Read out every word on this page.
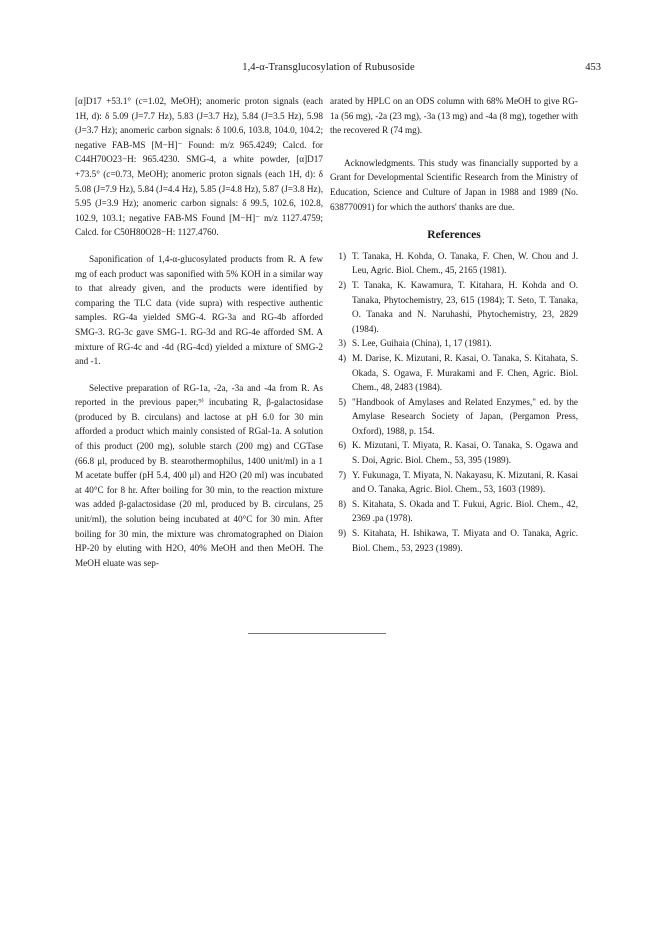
1,4-α-Transglucosylation of Rubusoside	453

[α]D17 +53.1° (c=1.02, MeOH); anomeric proton signals (each 1H, d): δ 5.09 (J=7.7 Hz), 5.83 (J=3.7 Hz), 5.84 (J=3.5 Hz), 5.98 (J=3.7 Hz); anomeric carbon signals: δ 100.6, 103.8, 104.0, 104.2; negative FAB-MS [M−H]⁻ Found: m/z 965.4249; Calcd. for C44H70O23−H: 965.4230. SMG-4, a white powder, [α]D17 +73.5° (c=0.73, MeOH); anomeric proton signals (each 1H, d): δ 5.08 (J=7.9 Hz), 5.84 (J=4.4 Hz), 5.85 (J=4.8 Hz), 5.87 (J=3.8 Hz), 5.95 (J=3.9 Hz); anomeric carbon signals: δ 99.5, 102.6, 102.8, 102.9, 103.1; negative FAB-MS Found [M−H]⁻ m/z 1127.4759; Calcd. for C50H80O28−H: 1127.4760.

Saponification of 1,4-α-glucosylated products from R. A few mg of each product was saponified with 5% KOH in a similar way to that already given, and the products were identified by comparing the TLC data (vide supra) with respective authentic samples. RG-4a yielded SMG-4. RG-3a and RG-4b afforded SMG-3. RG-3c gave SMG-1. RG-3d and RG-4e afforded SM. A mixture of RG-4c and -4d (RG-4cd) yielded a mixture of SMG-2 and -1.

Selective preparation of RG-1a, -2a, -3a and -4a from R. As reported in the previous paper,⁹⁾ incubating R, β-galactosidase (produced by B. circulans) and lactose at pH 6.0 for 30 min afforded a product which mainly consisted of RGal-1a. A solution of this product (200 mg), soluble starch (200 mg) and CGTase (66.8 μl, produced by B. stearothermophilus, 1400 unit/ml) in a 1 M acetate buffer (pH 5.4, 400 μl) and H2O (20 ml) was incubated at 40°C for 8 hr. After boiling for 30 min, to the reaction mixture was added β-galactosidase (20 ml, produced by B. circulans, 25 unit/ml), the solution being incubated at 40°C for 30 min. After boiling for 30 min, the mixture was chromatographed on Diaion HP-20 by eluting with H2O, 40% MeOH and then MeOH. The MeOH eluate was sep-

arated by HPLC on an ODS column with 68% MeOH to give RG-1a (56 mg), -2a (23 mg), -3a (13 mg) and -4a (8 mg), together with the recovered R (74 mg).

Acknowledgments. This study was financially supported by a Grant for Developmental Scientific Research from the Ministry of Education, Science and Culture of Japan in 1988 and 1989 (No. 638770091) for which the authors' thanks are due.

References
1) T. Tanaka, H. Kohda, O. Tanaka, F. Chen, W. Chou and J. Leu, Agric. Biol. Chem., 45, 2165 (1981).
2) T. Tanaka, K. Kawamura, T. Kitahara, H. Kohda and O. Tanaka, Phytochemistry, 23, 615 (1984); T. Seto, T. Tanaka, O. Tanaka and N. Naruhashi, Phytochemistry, 23, 2829 (1984).
3) S. Lee, Guihaia (China), 1, 17 (1981).
4) M. Darise, K. Mizutani, R. Kasai, O. Tanaka, S. Kitahata, S. Okada, S. Ogawa, F. Murakami and F. Chen, Agric. Biol. Chem., 48, 2483 (1984).
5) "Handbook of Amylases and Related Enzymes," ed. by the Amylase Research Society of Japan, (Pergamon Press, Oxford), 1988, p. 154.
6) K. Mizutani, T. Miyata, R. Kasai, O. Tanaka, S. Ogawa and S. Doi, Agric. Biol. Chem., 53, 395 (1989).
7) Y. Fukunaga, T. Miyata, N. Nakayasu, K. Mizutani, R. Kasai and O. Tanaka, Agric. Biol. Chem., 53, 1603 (1989).
8) S. Kitahata, S. Okada and T. Fukui, Agric. Biol. Chem., 42, 2369 .pa (1978).
9) S. Kitahata, H. Ishikawa, T. Miyata and O. Tanaka, Agric. Biol. Chem., 53, 2923 (1989).
